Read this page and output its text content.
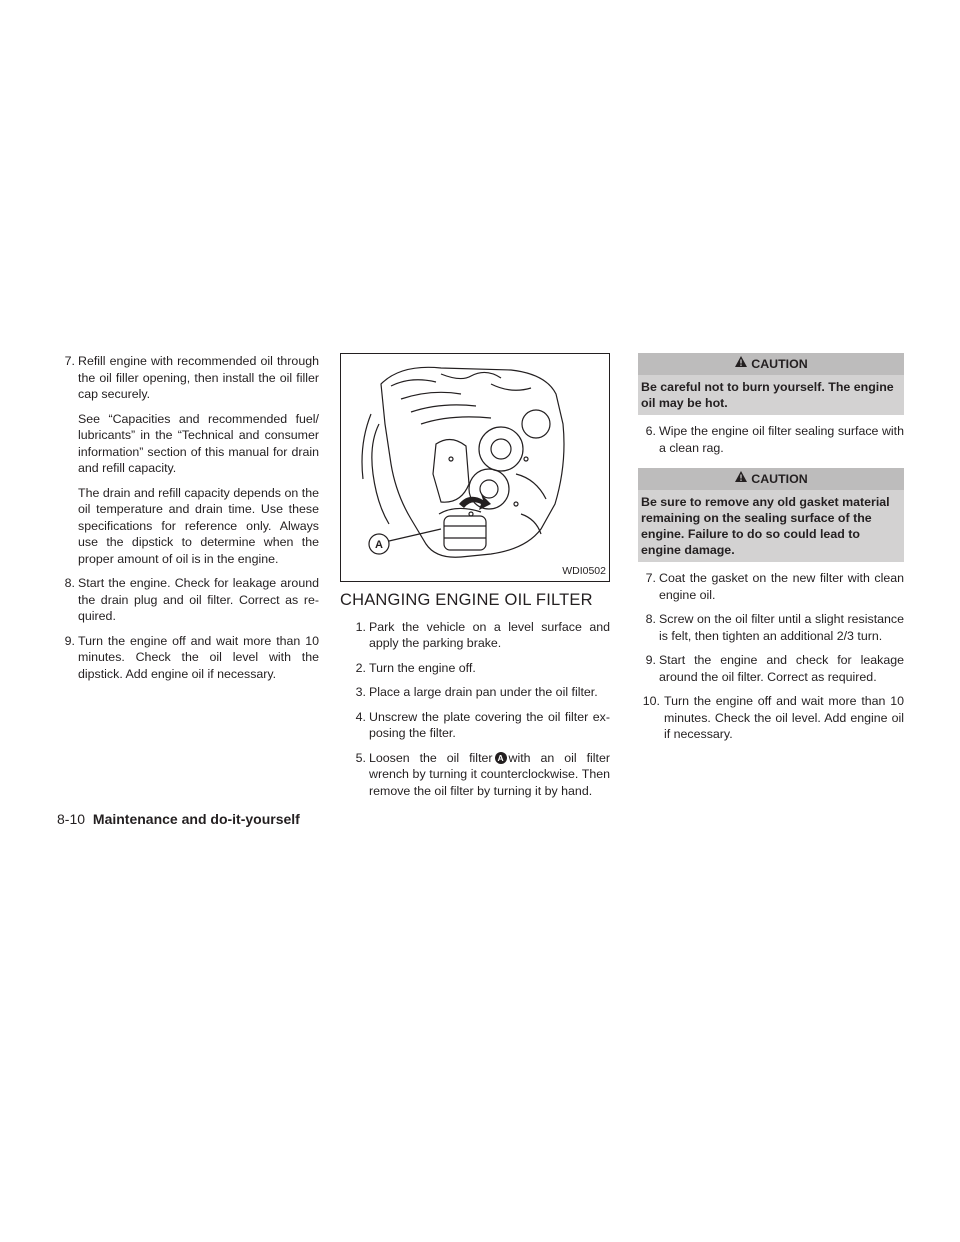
7. Refill engine with recommended oil through the oil filler opening, then install the oil filler cap securely.
See “Capacities and recommended fuel/ lubricants” in the “Technical and consumer information” section of this manual for drain and refill capacity.
The drain and refill capacity depends on the oil temperature and drain time. Use these specifications for reference only. Always use the dipstick to determine when the proper amount of oil is in the engine.
8. Start the engine. Check for leakage around the drain plug and oil filter. Correct as re- quired.
9. Turn the engine off and wait more than 10 minutes. Check the oil level with the dipstick. Add engine oil if necessary.
A
WDI0502
CHANGING ENGINE OIL FILTER
1. Park the vehicle on a level surface and apply the parking brake.
2. Turn the engine off.
3. Place a large drain pan under the oil filter.
4. Unscrew the plate covering the oil filter ex- posing the filter.
5. Loosen the oil filter A with an oil filter wrench by turning it counterclockwise. Then remove the oil filter by turning it by hand.
CAUTION
Be careful not to burn yourself. The engine oil may be hot.
6. Wipe the engine oil filter sealing surface with a clean rag.
CAUTION
Be sure to remove any old gasket material remaining on the sealing surface of the engine. Failure to do so could lead to engine damage.
7. Coat the gasket on the new filter with clean engine oil.
8. Screw on the oil filter until a slight resistance is felt, then tighten an additional 2/3 turn.
9. Start the engine and check for leakage around the oil filter. Correct as required.
10. Turn the engine off and wait more than 10 minutes. Check the oil level. Add engine oil if necessary.
8-10 Maintenance and do-it-yourself
